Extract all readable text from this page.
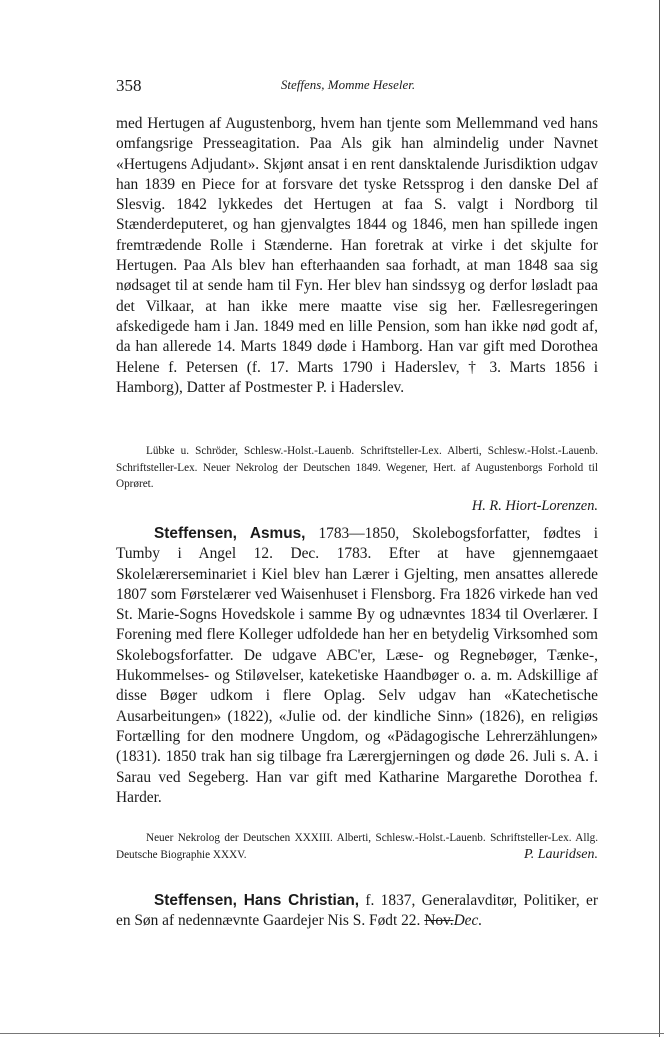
358	Steffens, Momme Heseler.

med Hertugen af Augustenborg, hvem han tjente som Mellemmand ved hans omfangsrige Presseagitation. Paa Als gik han almindelig under Navnet «Hertugens Adjudant». Skjønt ansat i en rent dansktalende Jurisdiktion udgav han 1839 en Piece for at forsvare det tyske Retssprog i den danske Del af Slesvig. 1842 lykkedes det Hertugen at faa S. valgt i Nordborg til Stænderdeputeret, og han gjenvalgtes 1844 og 1846, men han spillede ingen fremtrædende Rolle i Stænderne. Han foretrak at virke i det skjulte for Hertugen. Paa Als blev han efterhaanden saa forhadt, at man 1848 saa sig nødsaget til at sende ham til Fyn. Her blev han sindssyg og derfor løsladt paa det Vilkaar, at han ikke mere maatte vise sig her. Fællesregeringen afskedigede ham i Jan. 1849 med en lille Pension, som han ikke nød godt af, da han allerede 14. Marts 1849 døde i Hamborg. Han var gift med Dorothea Helene f. Petersen (f. 17. Marts 1790 i Haderslev, † 3. Marts 1856 i Hamborg), Datter af Postmester P. i Haderslev.

Lübke u. Schröder, Schlesw.-Holst.-Lauenb. Schriftsteller-Lex. Alberti, Schlesw.-Holst.-Lauenb. Schriftsteller-Lex. Neuer Nekrolog der Deutschen 1849. Wegener, Hert. af Augustenborgs Forhold til Oprøret.

H. R. Hiort-Lorenzen.

Steffensen, Asmus, 1783—1850, Skolebogsforfatter, fødtes i Tumby i Angel 12. Dec. 1783. Efter at have gjennemgaaet Skolelærerseminariet i Kiel blev han Lærer i Gjelting, men ansattes allerede 1807 som Førstelærer ved Waisenhuset i Flensborg. Fra 1826 virkede han ved St. Marie-Sogns Hovedskole i samme By og udnævntes 1834 til Overlærer. I Forening med flere Kolleger udfoldede han her en betydelig Virksomhed som Skolebogsforfatter. De udgave ABC'er, Læse- og Regnebøger, Tænke-, Hukommelses- og Stiløvelser, kateketiske Haandbøger o. a. m. Adskillige af disse Bøger udkom i flere Oplag. Selv udgav han «Katechetische Ausarbeitungen» (1822), «Julie od. der kindliche Sinn» (1826), en religiøs Fortælling for den modnere Ungdom, og «Pädagogische Lehrerzählungen» (1831). 1850 trak han sig tilbage fra Lærergjerningen og døde 26. Juli s. A. i Sarau ved Segeberg. Han var gift med Katharine Margarethe Dorothea f. Harder.

Neuer Nekrolog der Deutschen XXXIII. Alberti, Schlesw.-Holst.-Lauenb. Schriftsteller-Lex. Allg. Deutsche Biographie XXXV.	P. Lauridsen.

Steffensen, Hans Christian, f. 1837, Generalavditør, Politiker, er en Søn af nedennævnte Gaardejer Nis S. Født 22. Nov.Dec.
